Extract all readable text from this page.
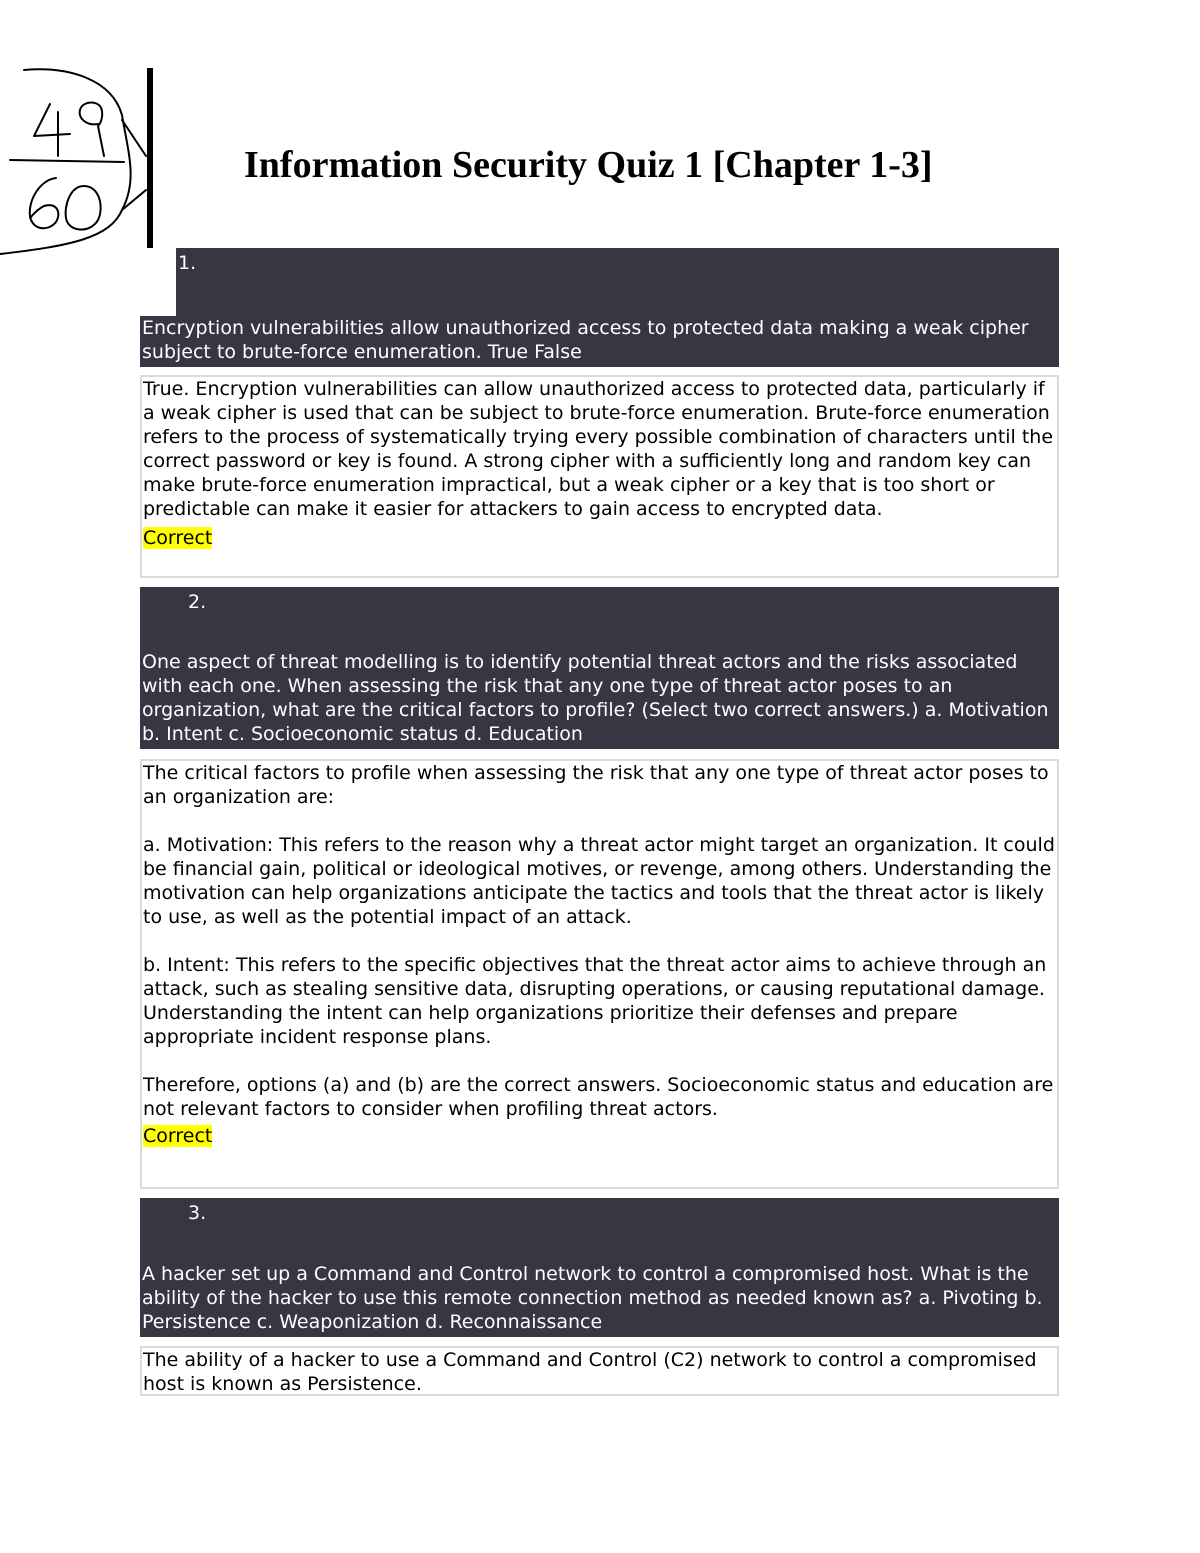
Information Security Quiz 1 [Chapter 1-3]
1.
Encryption vulnerabilities allow unauthorized access to protected data making a weak cipher subject to brute-force enumeration. True False
True. Encryption vulnerabilities can allow unauthorized access to protected data, particularly if a weak cipher is used that can be subject to brute-force enumeration. Brute-force enumeration refers to the process of systematically trying every possible combination of characters until the correct password or key is found. A strong cipher with a sufficiently long and random key can make brute-force enumeration impractical, but a weak cipher or a key that is too short or predictable can make it easier for attackers to gain access to encrypted data.
Correct
2.
One aspect of threat modelling is to identify potential threat actors and the risks associated with each one. When assessing the risk that any one type of threat actor poses to an organization, what are the critical factors to profile? (Select two correct answers.) a. Motivation b. Intent c. Socioeconomic status d. Education
The critical factors to profile when assessing the risk that any one type of threat actor poses to an organization are:

a. Motivation: This refers to the reason why a threat actor might target an organization. It could be financial gain, political or ideological motives, or revenge, among others. Understanding the motivation can help organizations anticipate the tactics and tools that the threat actor is likely to use, as well as the potential impact of an attack.

b. Intent: This refers to the specific objectives that the threat actor aims to achieve through an attack, such as stealing sensitive data, disrupting operations, or causing reputational damage. Understanding the intent can help organizations prioritize their defenses and prepare appropriate incident response plans.

Therefore, options (a) and (b) are the correct answers. Socioeconomic status and education are not relevant factors to consider when profiling threat actors.

Correct
3.
A hacker set up a Command and Control network to control a compromised host. What is the ability of the hacker to use this remote connection method as needed known as? a. Pivoting b. Persistence c. Weaponization d. Reconnaissance
The ability of a hacker to use a Command and Control (C2) network to control a compromised host is known as Persistence.
